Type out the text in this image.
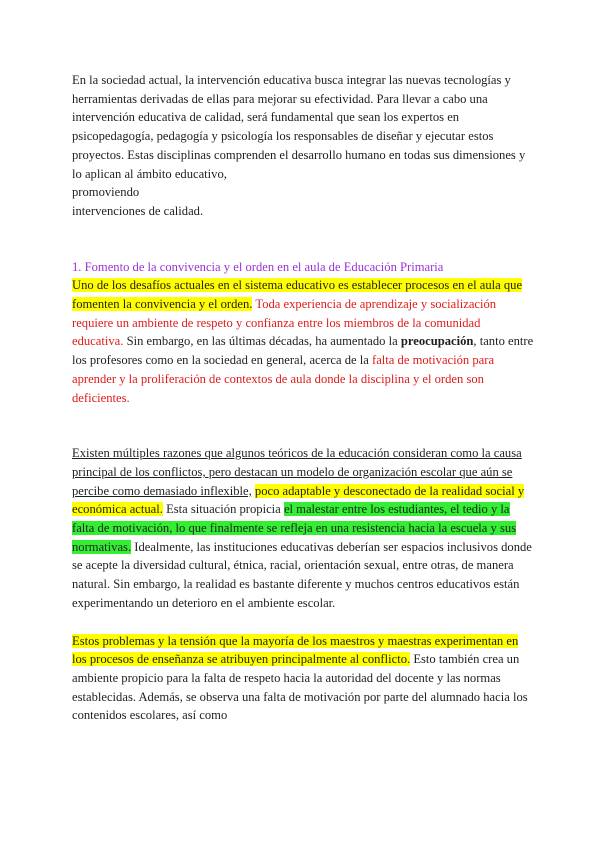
En la sociedad actual, la intervención educativa busca integrar las nuevas tecnologías y herramientas derivadas de ellas para mejorar su efectividad. Para llevar a cabo una intervención educativa de calidad, será fundamental que sean los expertos en psicopedagogía, pedagogía y psicología los responsables de diseñar y ejecutar estos proyectos. Estas disciplinas comprenden el desarrollo humano en todas sus dimensiones y lo aplican al ámbito educativo,
promoviendo
intervenciones de calidad.

1. Fomento de la convivencia y el orden en el aula de Educación Primaria

Uno de los desafíos actuales en el sistema educativo es establecer procesos en el aula que fomenten la convivencia y el orden. Toda experiencia de aprendizaje y socialización requiere un ambiente de respeto y confianza entre los miembros de la comunidad educativa. Sin embargo, en las últimas décadas, ha aumentado la preocupación, tanto entre los profesores como en la sociedad en general, acerca de la falta de motivación para aprender y la proliferación de contextos de aula donde la disciplina y el orden son deficientes.

Existen múltiples razones que algunos teóricos de la educación consideran como la causa principal de los conflictos, pero destacan un modelo de organización escolar que aún se percibe como demasiado inflexible, poco adaptable y desconectado de la realidad social y económica actual. Esta situación propicia el malestar entre los estudiantes, el tedio y la falta de motivación, lo que finalmente se refleja en una resistencia hacia la escuela y sus normativas. Idealmente, las instituciones educativas deberían ser espacios inclusivos donde se acepte la diversidad cultural, étnica, racial, orientación sexual, entre otras, de manera natural. Sin embargo, la realidad es bastante diferente y muchos centros educativos están experimentando un deterioro en el ambiente escolar.

Estos problemas y la tensión que la mayoría de los maestros y maestras experimentan en los procesos de enseñanza se atribuyen principalmente al conflicto. Esto también crea un ambiente propicio para la falta de respeto hacia la autoridad del docente y las normas establecidas. Además, se observa una falta de motivación por parte del alumnado hacia los contenidos escolares, así como
